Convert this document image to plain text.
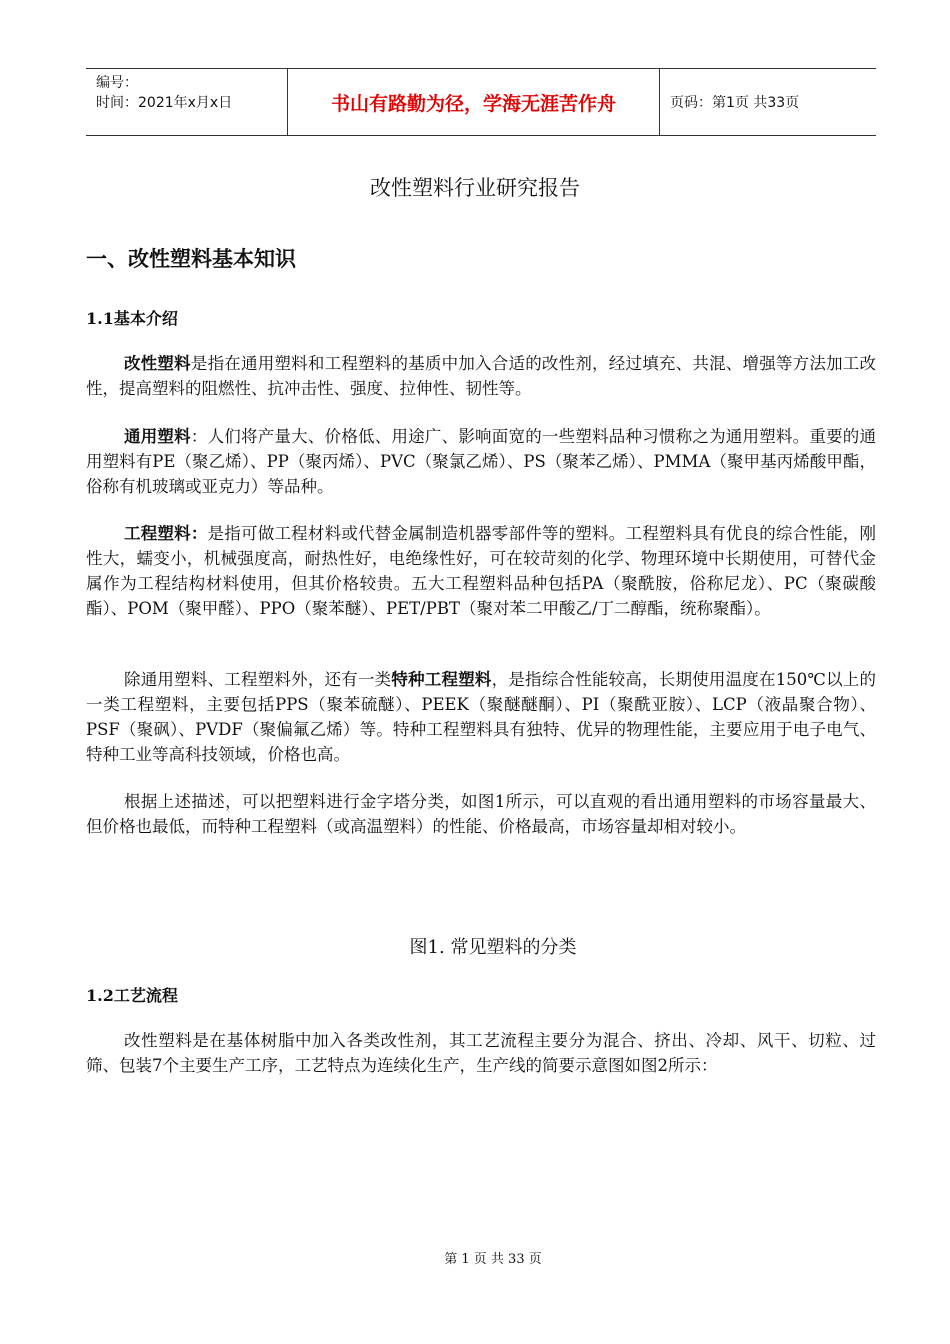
编号：
时间：2021年x月x日	书山有路勤为径，学海无涯苦作舟	页码：第1页 共33页
改性塑料行业研究报告
一、改性塑料基本知识
1.1基本介绍
改性塑料是指在通用塑料和工程塑料的基质中加入合适的改性剂，经过填充、共混、增强等方法加工改性，提高塑料的阻燃性、抗冲击性、强度、拉伸性、韧性等。
通用塑料：人们将产量大、价格低、用途广、影响面宽的一些塑料品种习惯称之为通用塑料。重要的通用塑料有PE（聚乙烯）、PP（聚丙烯）、PVC（聚氯乙烯）、PS（聚苯乙烯）、PMMA（聚甲基丙烯酸甲酯，俗称有机玻璃或亚克力）等品种。
工程塑料：是指可做工程材料或代替金属制造机器零部件等的塑料。工程塑料具有优良的综合性能，刚性大，蠕变小，机械强度高，耐热性好，电绝缘性好，可在较苛刻的化学、物理环境中长期使用，可替代金属作为工程结构材料使用，但其价格较贵。五大工程塑料品种包括PA（聚酰胺，俗称尼龙）、PC（聚碳酸酯）、POM（聚甲醛）、PPO（聚苯醚）、PET/PBT（聚对苯二甲酸乙/丁二醇酯，统称聚酯）。
除通用塑料、工程塑料外，还有一类特种工程塑料，是指综合性能较高，长期使用温度在150℃以上的一类工程塑料，主要包括PPS（聚苯硫醚）、PEEK（聚醚醚酮）、PI（聚酰亚胺）、LCP（液晶聚合物）、PSF（聚砜）、PVDF（聚偏氟乙烯）等。特种工程塑料具有独特、优异的物理性能，主要应用于电子电气、特种工业等高科技领域，价格也高。
根据上述描述，可以把塑料进行金字塔分类，如图1所示，可以直观的看出通用塑料的市场容量最大、但价格也最低，而特种工程塑料（或高温塑料）的性能、价格最高，市场容量却相对较小。
图1. 常见塑料的分类
1.2工艺流程
改性塑料是在基体树脂中加入各类改性剂，其工艺流程主要分为混合、挤出、冷却、风干、切粒、过筛、包装7个主要生产工序，工艺特点为连续化生产，生产线的简要示意图如图2所示：
第 1 页 共 33 页
